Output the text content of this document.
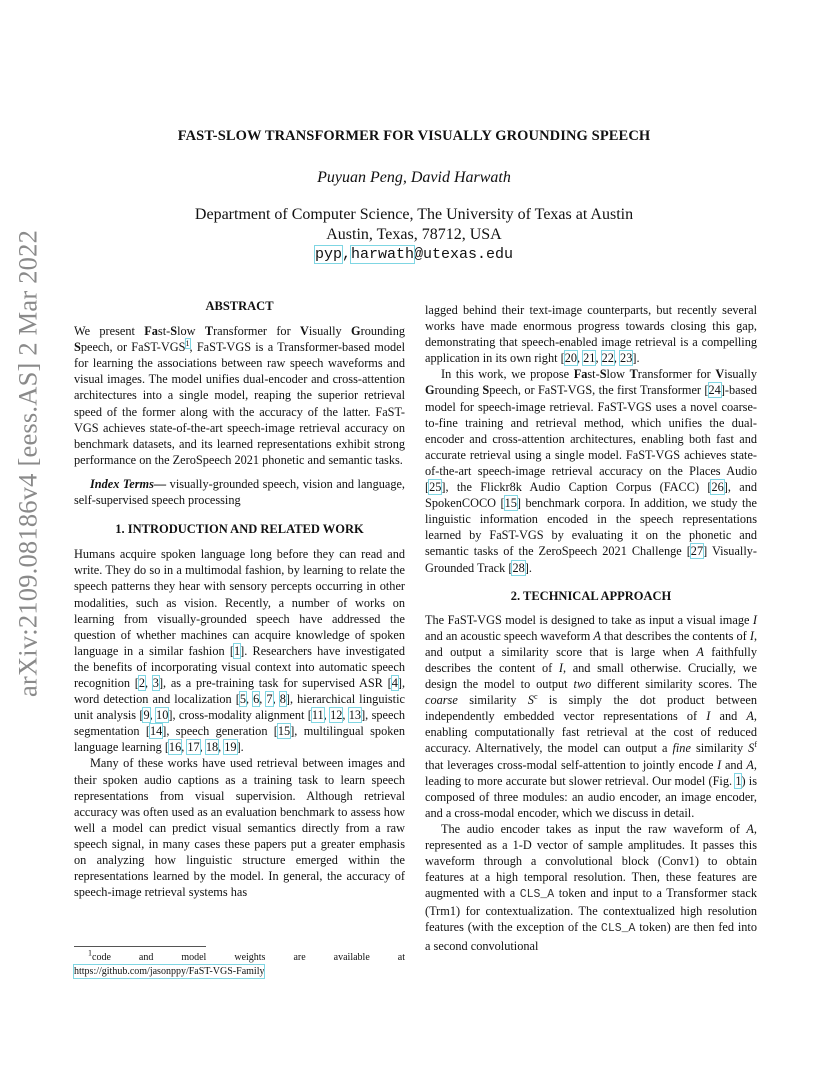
arXiv:2109.08186v4 [eess.AS] 2 Mar 2022
FAST-SLOW TRANSFORMER FOR VISUALLY GROUNDING SPEECH
Puyuan Peng, David Harwath
Department of Computer Science, The University of Texas at Austin
Austin, Texas, 78712, USA
pyp,harwath@utexas.edu

ABSTRACT

We present Fast-Slow Transformer for Visually Grounding Speech, or FaST-VGS$^1$, FaST-VGS is a Transformer-based model for learning the associations between raw speech waveforms and visual images. The model unifies dual-encoder and cross-attention architectures into a single model, reaping the superior retrieval speed of the former along with the accuracy of the latter. FaST-VGS achieves state-of-the-art speech-image retrieval accuracy on benchmark datasets, and its learned representations exhibit strong performance on the ZeroSpeech 2021 phonetic and semantic tasks.

Index Terms— visually-grounded speech, vision and language, self-supervised speech processing

1. INTRODUCTION AND RELATED WORK

Humans acquire spoken language long before they can read and write. They do so in a multimodal fashion, by learning to relate the speech patterns they hear with sensory percepts occurring in other modalities, such as vision. Recently, a number of works on learning from visually-grounded speech have addressed the question of whether machines can acquire knowledge of spoken language in a similar fashion [1]. Researchers have investigated the benefits of incorporating visual context into automatic speech recognition [2, 3], as a pre-training task for supervised ASR [4], word detection and localization [5, 6, 7, 8], hierarchical linguistic unit analysis [9, 10], cross-modality alignment [11, 12, 13], speech segmentation [14], speech generation [15], multilingual spoken language learning [16, 17, 18, 19].

Many of these works have used retrieval between images and their spoken audio captions as a training task to learn speech representations from visual supervision. Although retrieval accuracy was often used as an evaluation benchmark to assess how well a model can predict visual semantics directly from a raw speech signal, in many cases these papers put a greater emphasis on analyzing how linguistic structure emerged within the representations learned by the model. In general, the accuracy of speech-image retrieval systems has

$^1$code	and	model	weights	are	available	at
https://github.com/jasonppy/FaST-VGS-Family

lagged behind their text-image counterparts, but recently several works have made enormous progress towards closing this gap, demonstrating that speech-enabled image retrieval is a compelling application in its own right [20, 21, 22, 23].

In this work, we propose Fast-Slow Transformer for Visually Grounding Speech, or FaST-VGS, the first Transformer [24]-based model for speech-image retrieval. FaST-VGS uses a novel coarse-to-fine training and retrieval method, which unifies the dual-encoder and cross-attention architectures, enabling both fast and accurate retrieval using a single model. FaST-VGS achieves state-of-the-art speech-image retrieval accuracy on the Places Audio [25], the Flickr8k Audio Caption Corpus (FACC) [26], and SpokenCOCO [15] benchmark corpora. In addition, we study the linguistic information encoded in the speech representations learned by FaST-VGS by evaluating it on the phonetic and semantic tasks of the ZeroSpeech 2021 Challenge [27] Visually-Grounded Track [28].

2. TECHNICAL APPROACH

The FaST-VGS model is designed to take as input a visual image I and an acoustic speech waveform A that describes the contents of I, and output a similarity score that is large when A faithfully describes the content of I, and small otherwise. Crucially, we design the model to output two different similarity scores. The coarse similarity $S^c$ is simply the dot product between independently embedded vector representations of I and A, enabling computationally fast retrieval at the cost of reduced accuracy. Alternatively, the model can output a fine similarity $S^f$ that leverages cross-modal self-attention to jointly encode I and A, leading to more accurate but slower retrieval. Our model (Fig. 1) is composed of three modules: an audio encoder, an image encoder, and a cross-modal encoder, which we discuss in detail.

The audio encoder takes as input the raw waveform of A, represented as a 1-D vector of sample amplitudes. It passes this waveform through a convolutional block (Conv1) to obtain features at a high temporal resolution. Then, these features are augmented with a CLS_A token and input to a Transformer stack (Trm1) for contextualization. The contextualized high resolution features (with the exception of the CLS_A token) are then fed into a second convolutional
